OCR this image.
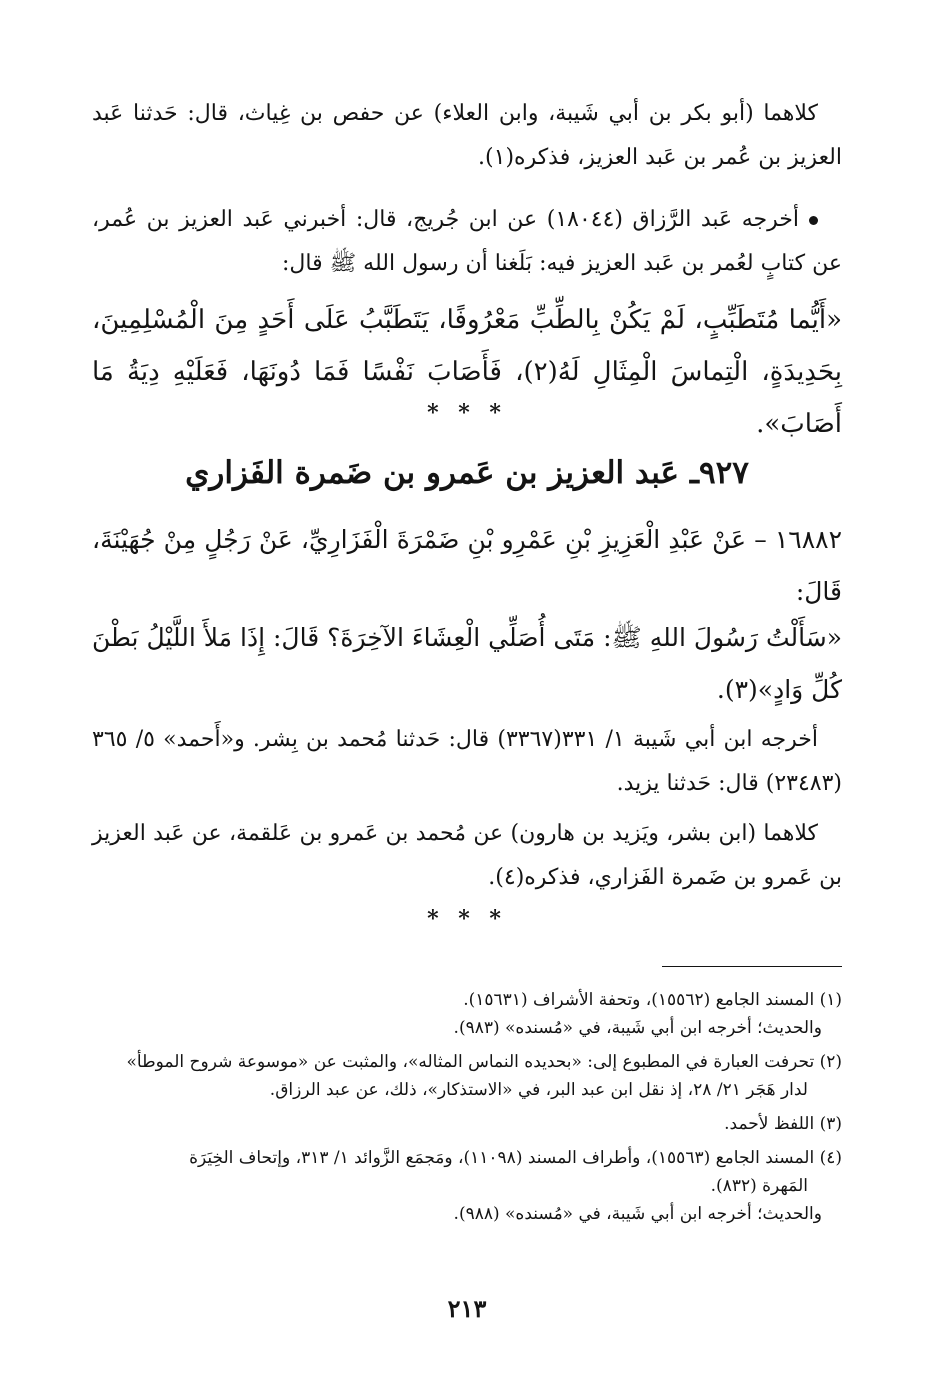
كلاهما (أبو بكر بن أبي شَيبة، وابن العلاء) عن حفص بن غِياث، قال: حَدثنا عَبد العزيز بن عُمر بن عَبد العزيز، فذكره(١).

أخرجه عَبد الرَّزاق (١٨٠٤٤) عن ابن جُريج، قال: أخبرني عَبد العزيز بن عُمر، عن كتابٍ لعُمر بن عَبد العزيز فيه: بَلَغنا أن رسول الله ﷺ قال:

«أَيُّما مُتَطَبِّبٍ، لَمْ يَكُنْ بِالطِّبِّ مَعْرُوفًا، يَتَطَبَّبُ عَلَى أَحَدٍ مِنَ الْمُسْلِمِينَ، بِحَدِيدَةٍ، الْتِماسَ الْمِثَالِ لَهُ(٢)، فَأَصَابَ نَفْسًا فَمَا دُونَهَا، فَعَلَيْهِ دِيَةُ مَا أَصَابَ».

* * *
٩٢٧ـ عَبد العزيز بن عَمرو بن ضَمرة الفَزاري

١٦٨٨٢ – عَنْ عَبْدِ الْعَزِيزِ بْنِ عَمْرِو بْنِ ضَمْرَةَ الْفَزَارِيِّ، عَنْ رَجُلٍ مِنْ جُهَيْنَةَ، قَالَ:

«سَأَلْتُ رَسُولَ اللهِ ﷺ: مَتَى أُصَلِّي الْعِشَاءَ الآخِرَةَ؟ قَالَ: إِذَا مَلأَ اللَّيْلُ بَطْنَ كُلِّ وَادٍ»(٣).

أخرجه ابن أبي شَيبة ١/ ٣٣١(٣٣٦٧) قال: حَدثنا مُحمد بن بِشر. و«أَحمد» ٥/ ٣٦٥ (٢٣٤٨٣) قال: حَدثنا يزيد.

كلاهما (ابن بشر، ويَزيد بن هارون) عن مُحمد بن عَمرو بن عَلقمة، عن عَبد العزيز بن عَمرو بن ضَمرة الفَزاري، فذكره(٤).

* * *
(١) المسند الجامع (١٥٥٦٢)، وتحفة الأشراف (١٥٦٣١).
والحديث؛ أخرجه ابن أبي شَيبة، في «مُسنده» (٩٨٣).
(٢) تحرفت العبارة في المطبوع إلى: «بحديده النماس المثاله»، والمثبت عن «موسوعة شروح الموطأ»
لدار هَجَر ٢١/ ٢٨، إذ نقل ابن عبد البر، في «الاستذكار»، ذلك، عن عبد الرزاق.
(٣) اللفظ لأحمد.
(٤) المسند الجامع (١٥٥٦٣)، وأطراف المسند (١١٠٩٨)، ومَجمَع الزَّوائد ١/ ٣١٣، وإتحاف الخِيَرَة
المَهرة (٨٣٢).
والحديث؛ أخرجه ابن أبي شَيبة، في «مُسنده» (٩٨٨).
٢١٣
